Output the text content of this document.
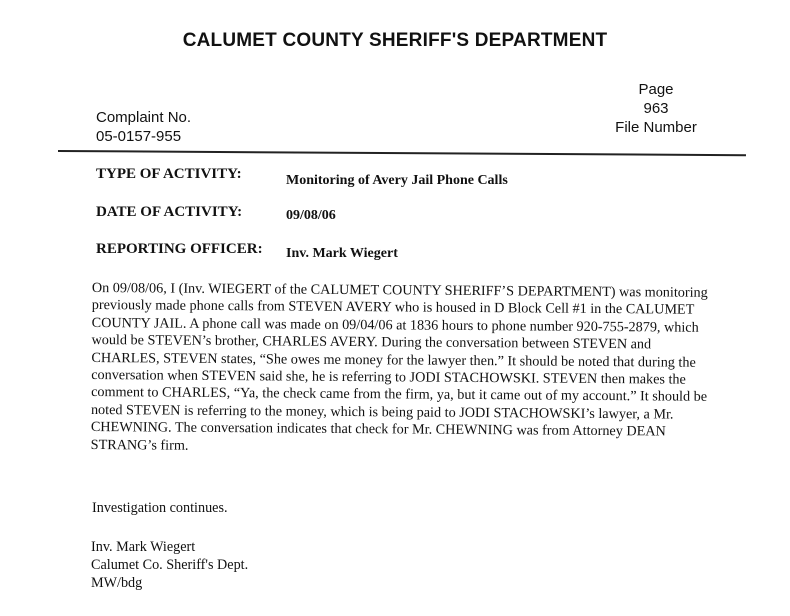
CALUMET COUNTY SHERIFF'S DEPARTMENT
Complaint No.
05-0157-955
Page
963
File Number
TYPE OF ACTIVITY:	Monitoring of Avery Jail Phone Calls
DATE OF ACTIVITY:	09/08/06
REPORTING OFFICER: Inv. Mark Wiegert

On 09/08/06, I (Inv. WIEGERT of the CALUMET COUNTY SHERIFF’S DEPARTMENT) was monitoring previously made phone calls from STEVEN AVERY who is housed in D Block Cell #1 in the CALUMET COUNTY JAIL. A phone call was made on 09/04/06 at 1836 hours to phone number 920-755-2879, which would be STEVEN’s brother, CHARLES AVERY. During the conversation between STEVEN and CHARLES, STEVEN states, “She owes me money for the lawyer then.” It should be noted that during the conversation when STEVEN said she, he is referring to JODI STACHOWSKI. STEVEN then makes the comment to CHARLES, “Ya, the check came from the firm, ya, but it came out of my account.” It should be noted STEVEN is referring to the money, which is being paid to JODI STACHOWSKI’s lawyer, a Mr. CHEWNING. The conversation indicates that check for Mr. CHEWNING was from Attorney DEAN STRANG’s firm.

Investigation continues.
Inv. Mark Wiegert
Calumet Co. Sheriff's Dept.
MW/bdg
